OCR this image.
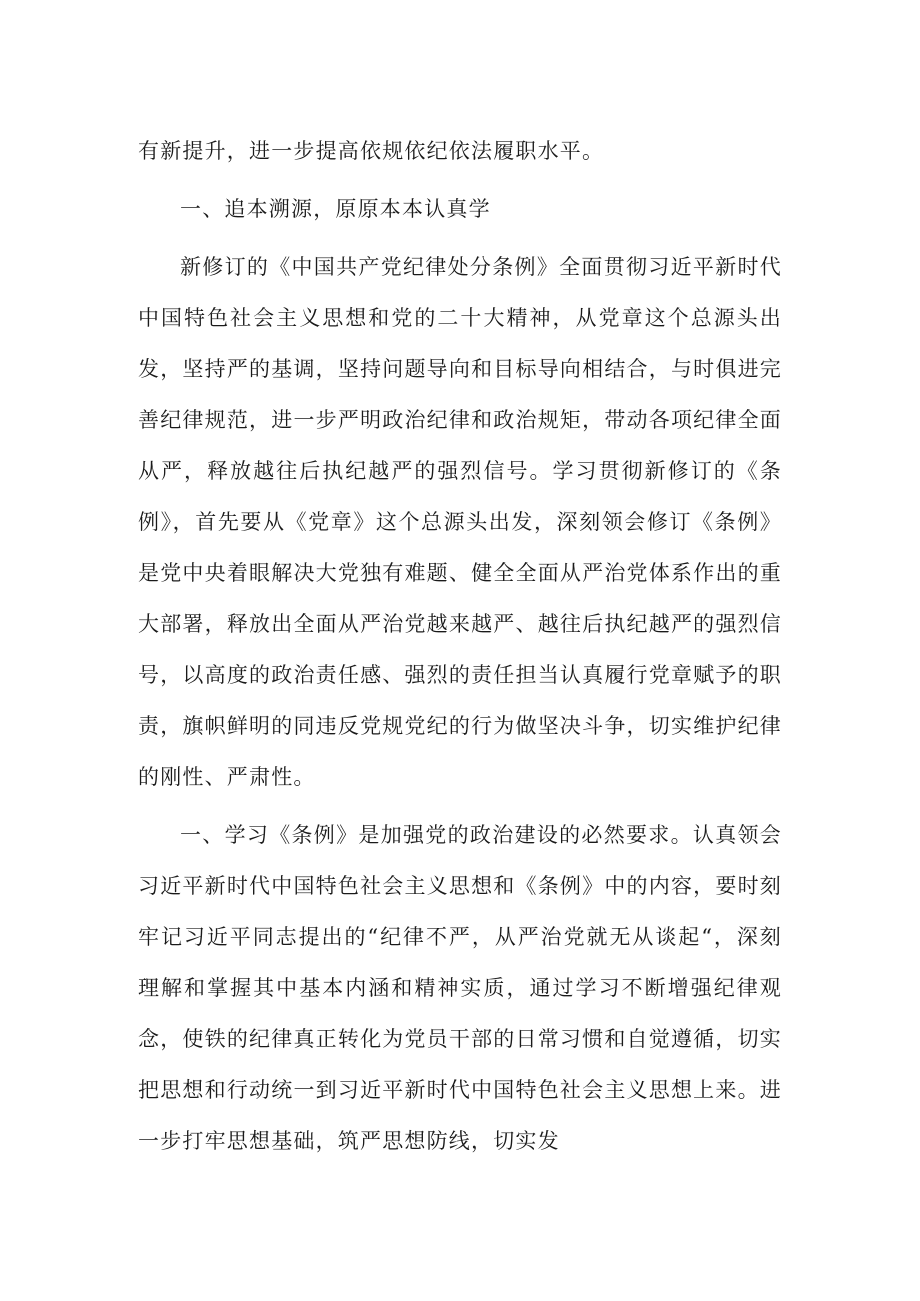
有新提升，进一步提高依规依纪依法履职水平。

一、追本溯源，原原本本认真学

新修订的《中国共产党纪律处分条例》全面贯彻习近平新时代中国特色社会主义思想和党的二十大精神，从党章这个总源头出发，坚持严的基调，坚持问题导向和目标导向相结合，与时俱进完善纪律规范，进一步严明政治纪律和政治规矩，带动各项纪律全面从严，释放越往后执纪越严的强烈信号。学习贯彻新修订的《条例》，首先要从《党章》这个总源头出发，深刻领会修订《条例》是党中央着眼解决大党独有难题、健全全面从严治党体系作出的重大部署，释放出全面从严治党越来越严、越往后执纪越严的强烈信号，以高度的政治责任感、强烈的责任担当认真履行党章赋予的职责，旗帜鲜明的同违反党规党纪的行为做坚决斗争，切实维护纪律的刚性、严肃性。

一、学习《条例》是加强党的政治建设的必然要求。认真领会习近平新时代中国特色社会主义思想和《条例》中的内容，要时刻牢记习近平同志提出的“纪律不严，从严治党就无从谈起“，深刻理解和掌握其中基本内涵和精神实质，通过学习不断增强纪律观念，使铁的纪律真正转化为党员干部的日常习惯和自觉遵循，切实把思想和行动统一到习近平新时代中国特色社会主义思想上来。进一步打牢思想基础，筑严思想防线，切实发
